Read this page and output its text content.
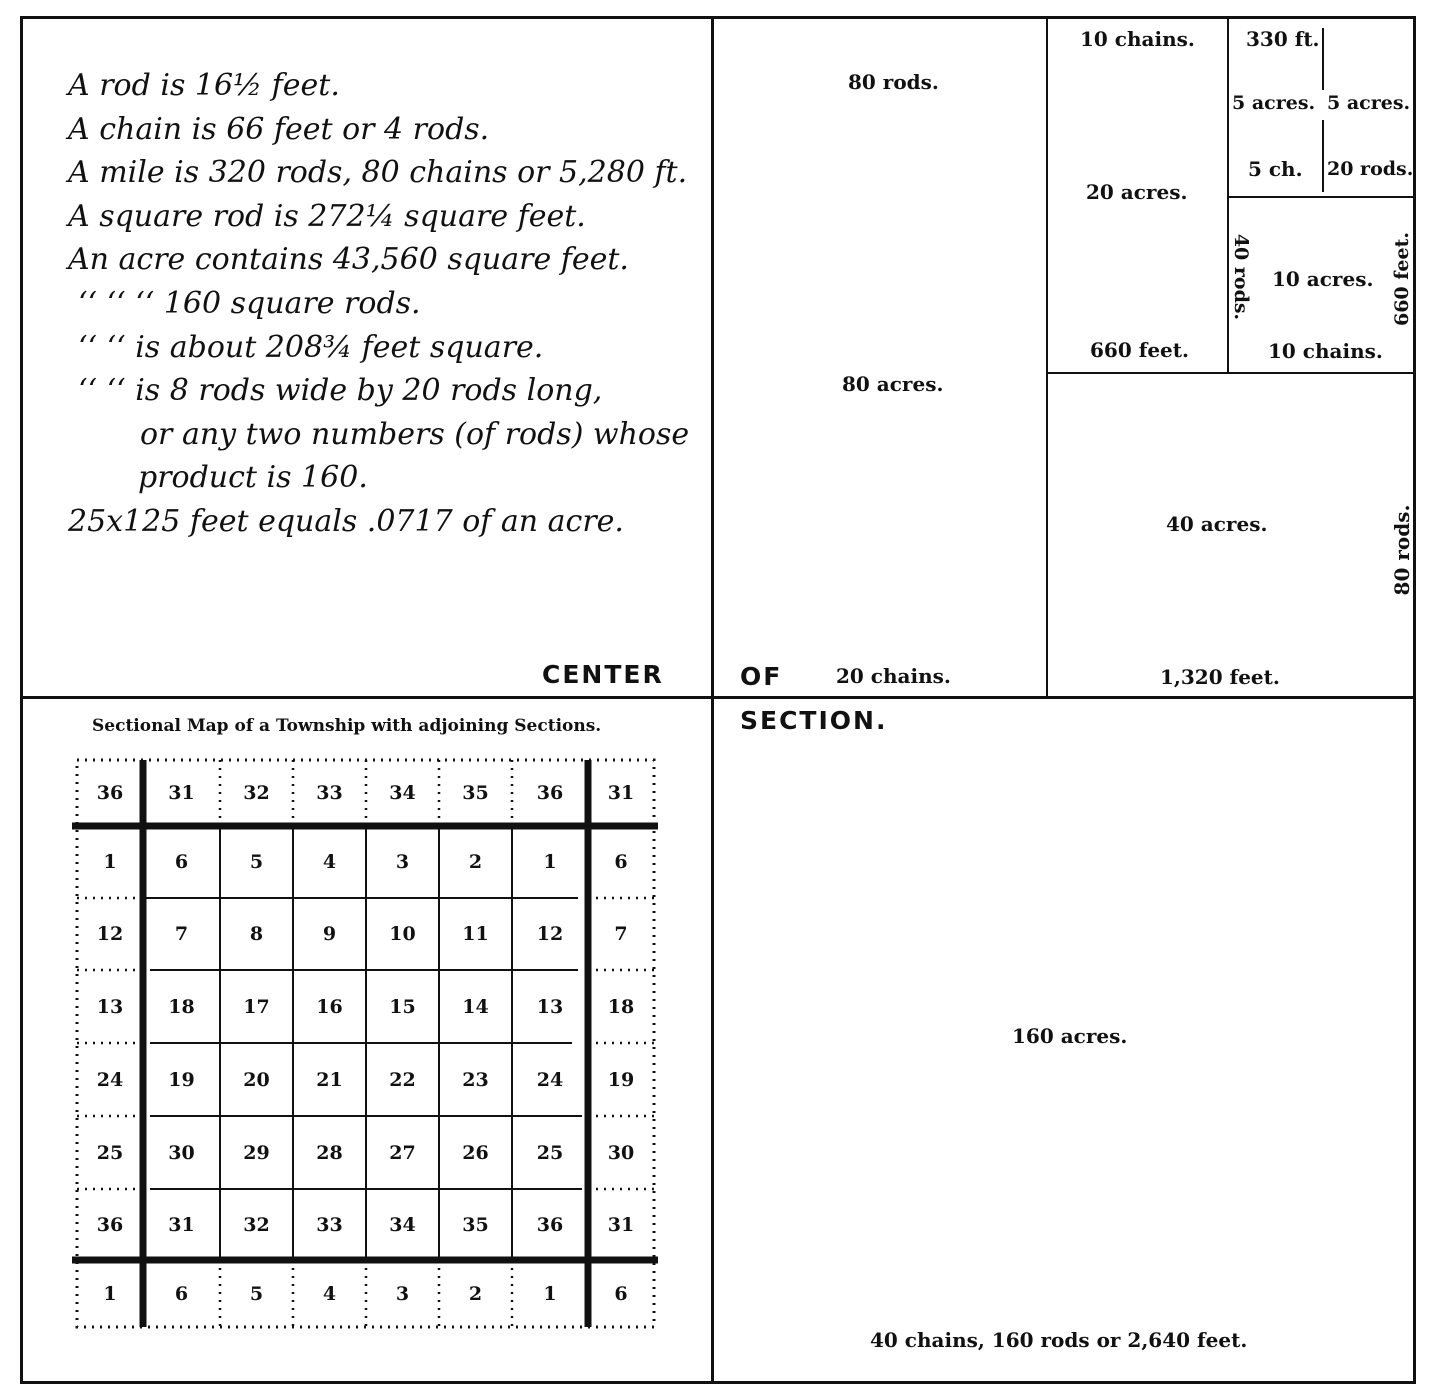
A rod is 16½ feet.
A chain is 66 feet or 4 rods.
A mile is 320 rods, 80 chains or 5,280 ft.
A square rod is 272¼ square feet.
An acre contains 43,560 square feet.
‘‘ ‘‘ ‘‘ 160 square rods.
‘‘ ‘‘ is about 208¾ feet square.
‘‘ ‘‘ is 8 rods wide by 20 rods long,
or any two numbers (of rods) whose
product is 160.
25x125 feet equals .0717 of an acre.
CENTER	OF
SECTION.
80 rods.
80 acres.
20 chains.
10 chains.
20 acres.
660 feet.
330 ft.
5 acres. 5 acres.
5 ch. 20 rods.
40 rods. 10 acres.
10 chains.
660 feet.
40 acres.
1,320 feet.
80 rods.
160 acres.
40 chains, 160 rods or 2,640 feet.
Sectional Map of a Township with adjoining Sections.
36	31	32	33	34	35	36	31
1	6	5	4	3	2	1	6
12	7	8	9	10	11	12	7
13	18	17	16	15	14	13	18
24	19	20	21	22	23	24	19
25	30	29	28	27	26	25	30
36	31	32	33	34	35	36	31
1	6	5	4	3	2	1	6
